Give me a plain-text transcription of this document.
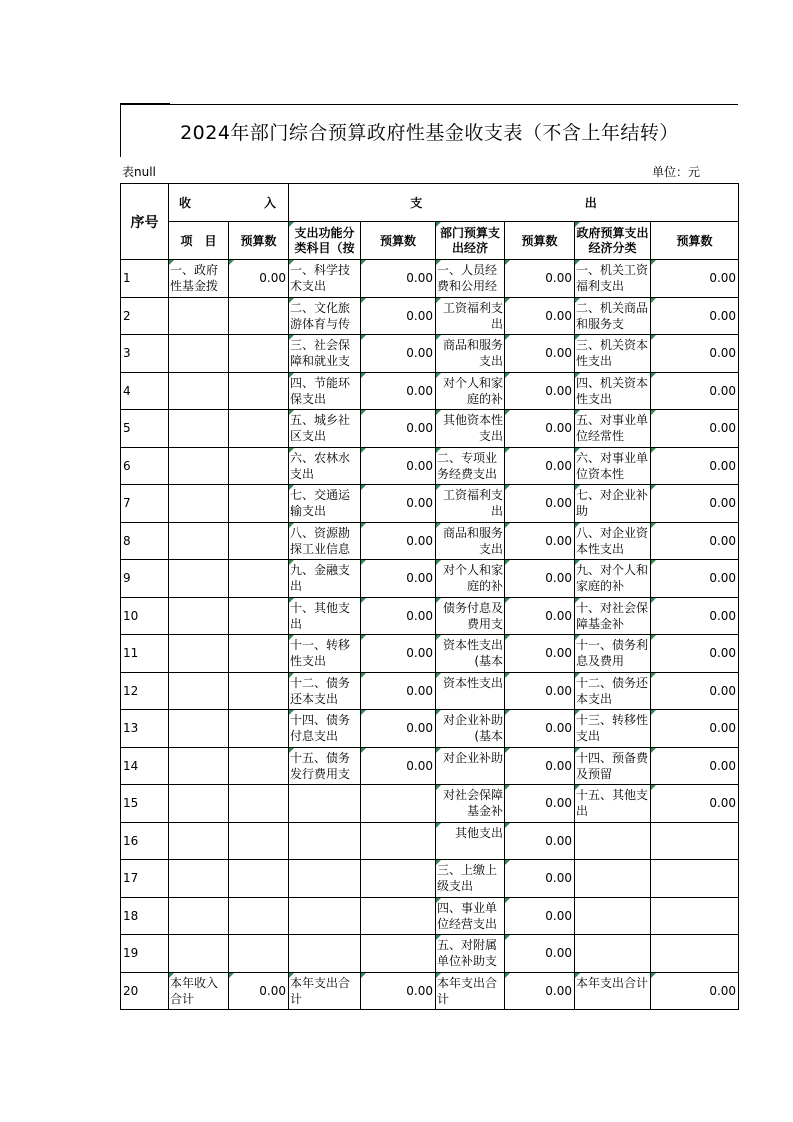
2024年部门综合预算政府性基金收支表（不含上年结转）
表null	单位：元
序号	收 入		支 出					

	项　目	预算数	支出功能分类科目（按	预算数	部门预算支出经济	预算数	政府预算支出经济分类	预算数
1	一、政府性基金拨	0.00	一、科学技术支出	0.00	一、人员经费和公用经	0.00	一、机关工资福利支出	0.00
2			二、文化旅游体育与传	0.00	工资福利支出	0.00	二、机关商品和服务支	0.00
3			三、社会保障和就业支	0.00	商品和服务支出	0.00	三、机关资本性支出	0.00
4			四、节能环保支出	0.00	对个人和家庭的补	0.00	四、机关资本性支出	0.00
5			五、城乡社区支出	0.00	其他资本性支出	0.00	五、对事业单位经常性	0.00
6			六、农林水支出	0.00	二、专项业务经费支出	0.00	六、对事业单位资本性	0.00
7			七、交通运输支出	0.00	工资福利支出	0.00	七、对企业补助	0.00
8			八、资源勘探工业信息	0.00	商品和服务支出	0.00	八、对企业资本性支出	0.00
9			九、金融支出	0.00	对个人和家庭的补	0.00	九、对个人和家庭的补	0.00
10			十、其他支出	0.00	债务付息及费用支	0.00	十、对社会保障基金补	0.00
11			十一、转移性支出	0.00	资本性支出(基本	0.00	十一、债务利息及费用	0.00
12			十二、债务还本支出	0.00	资本性支出	0.00	十二、债务还本支出	0.00
13			十四、债务付息支出	0.00	对企业补助(基本	0.00	十三、转移性支出	0.00
14			十五、债务发行费用支	0.00	对企业补助	0.00	十四、预备费及预留	0.00
15					对社会保障基金补	0.00	十五、其他支出	0.00
16					其他支出	0.00	

17					三、上缴上级支出	0.00	

18					四、事业单位经营支出	0.00	

19					五、对附属单位补助支	0.00	

20	本年收入合计	0.00	本年支出合计	0.00	本年支出合计	0.00	本年支出合计	0.00
